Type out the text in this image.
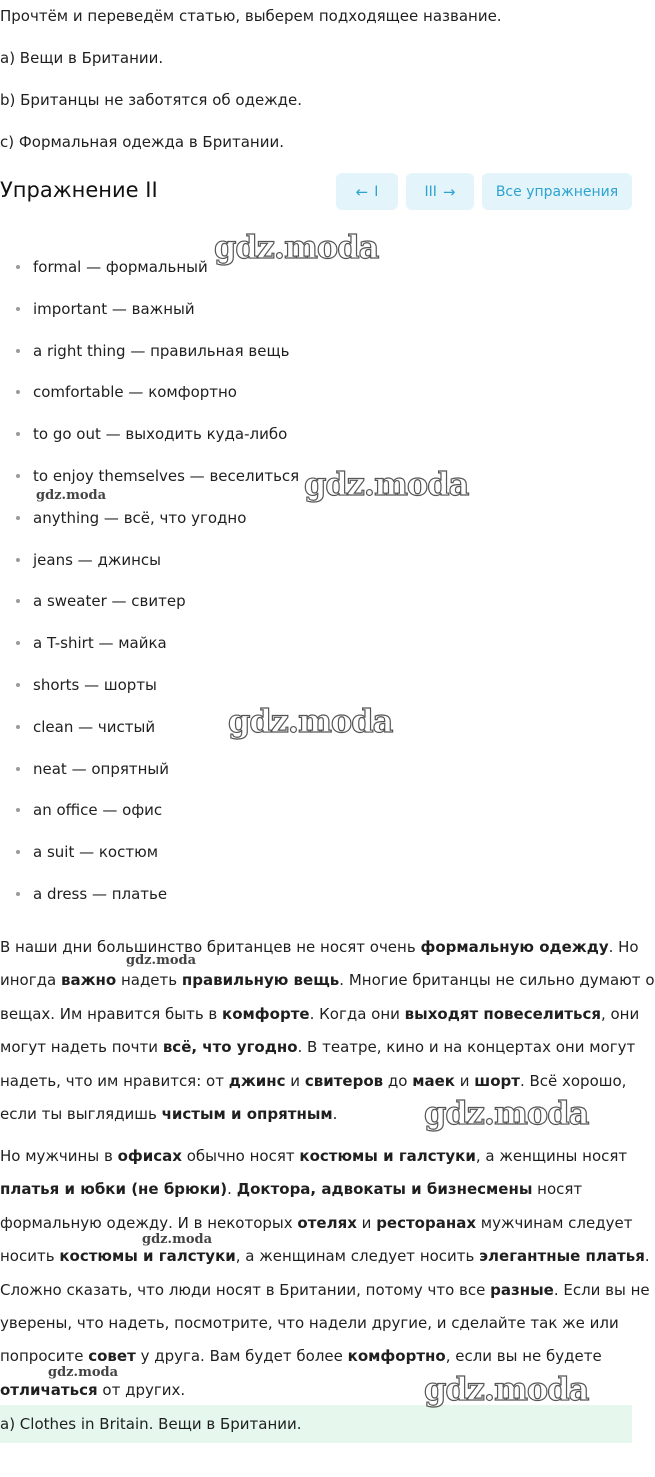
Прочтём и переведём статью, выберем подходящее название.

a) Вещи в Британии.

b) Британцы не заботятся об одежде.

c) Формальная одежда в Британии.

Упражнение II	← I	III →	Все упражнения
formal — формальный
important — важный
a right thing — правильная вещь
comfortable — комфортно
to go out — выходить куда-либо
to enjoy themselves — веселиться
anything — всё, что угодно
jeans — джинсы
a sweater — свитер
a T-shirt — майка
shorts — шорты
clean — чистый
neat — опрятный
an office — офис
a suit — костюм
a dress — платье
В наши дни большинство британцев не носят очень формальную одежду. Но
иногда важно надеть правильную вещь. Многие британцы не сильно думают о
вещах. Им нравится быть в комфорте. Когда они выходят повеселиться, они
могут надеть почти всё, что угодно. В театре, кино и на концертах они могут
надеть, что им нравится: от джинс и свитеров до маек и шорт. Всё хорошо,
если ты выглядишь чистым и опрятным.
Но мужчины в офисах обычно носят костюмы и галстуки, а женщины носят
платья и юбки (не брюки). Доктора, адвокаты и бизнесмены носят
формальную одежду. И в некоторых отелях и ресторанах мужчинам следует
носить костюмы и галстуки, а женщинам следует носить элегантные платья.
Сложно сказать, что люди носят в Британии, потому что все разные. Если вы не
уверены, что надеть, посмотрите, что надели другие, и сделайте так же или
попросите совет у друга. Вам будет более комфортно, если вы не будете
отличаться от других.
a) Clothes in Britain. Вещи в Британии.
gdz.moda
gdz.moda
gdz.moda
gdz.moda
gdz.moda
gdz.moda
gdz.moda
gdz.moda	gdz.moda
